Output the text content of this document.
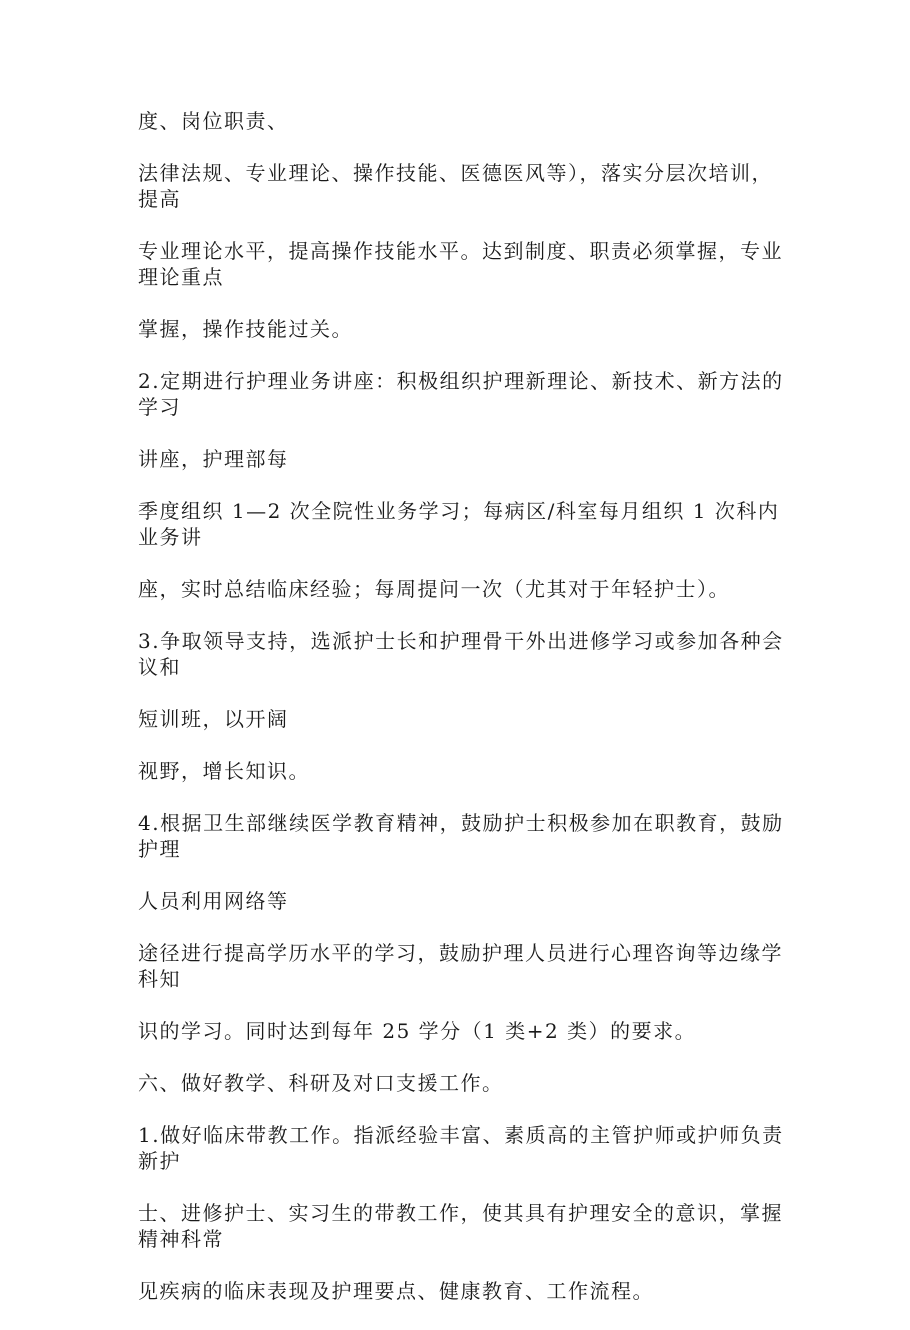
度、岗位职责、

法律法规、专业理论、操作技能、医德医风等），落实分层次培训，提高

专业理论水平，提高操作技能水平。达到制度、职责必须掌握，专业理论重点

掌握，操作技能过关。

2.定期进行护理业务讲座：积极组织护理新理论、新技术、新方法的学习

讲座，护理部每

季度组织 1—2 次全院性业务学习；每病区/科室每月组织 1 次科内业务讲

座，实时总结临床经验；每周提问一次（尤其对于年轻护士）。

3.争取领导支持，选派护士长和护理骨干外出进修学习或参加各种会议和

短训班，以开阔

视野，增长知识。

4.根据卫生部继续医学教育精神，鼓励护士积极参加在职教育，鼓励护理

人员利用网络等

途径进行提高学历水平的学习，鼓励护理人员进行心理咨询等边缘学科知

识的学习。同时达到每年 25 学分（1 类+2 类）的要求。

六、做好教学、科研及对口支援工作。

1.做好临床带教工作。指派经验丰富、素质高的主管护师或护师负责新护

士、进修护士、实习生的带教工作，使其具有护理安全的意识，掌握精神科常

见疾病的临床表现及护理要点、健康教育、工作流程。
